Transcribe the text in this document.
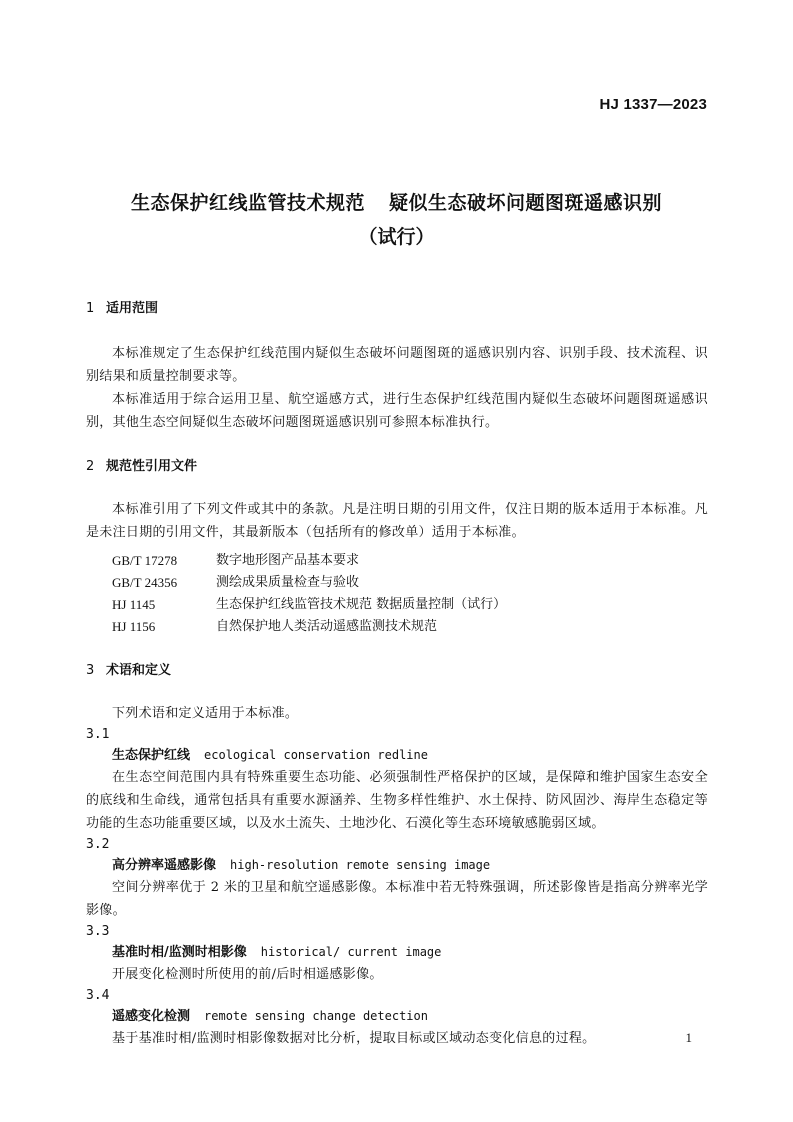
HJ 1337—2023
生态保护红线监管技术规范 疑似生态破坏问题图斑遥感识别
（试行）
1 适用范围

本标准规定了生态保护红线范围内疑似生态破坏问题图斑的遥感识别内容、识别手段、技术流程、识别结果和质量控制要求等。

本标准适用于综合运用卫星、航空遥感方式，进行生态保护红线范围内疑似生态破坏问题图斑遥感识别，其他生态空间疑似生态破坏问题图斑遥感识别可参照本标准执行。

2 规范性引用文件

本标准引用了下列文件或其中的条款。凡是注明日期的引用文件，仅注日期的版本适用于本标准。凡是未注日期的引用文件，其最新版本（包括所有的修改单）适用于本标准。

GB/T 17278	数字地形图产品基本要求
GB/T 24356	测绘成果质量检查与验收
HJ 1145	生态保护红线监管技术规范 数据质量控制（试行）
HJ 1156	自然保护地人类活动遥感监测技术规范
3 术语和定义

下列术语和定义适用于本标准。

3.1

生态保护红线 ecological conservation redline

在生态空间范围内具有特殊重要生态功能、必须强制性严格保护的区域，是保障和维护国家生态安全的底线和生命线，通常包括具有重要水源涵养、生物多样性维护、水土保持、防风固沙、海岸生态稳定等功能的生态功能重要区域，以及水土流失、土地沙化、石漠化等生态环境敏感脆弱区域。

3.2

高分辨率遥感影像 high-resolution remote sensing image

空间分辨率优于 2 米的卫星和航空遥感影像。本标准中若无特殊强调，所述影像皆是指高分辨率光学影像。

3.3

基准时相/监测时相影像 historical/ current image

开展变化检测时所使用的前/后时相遥感影像。

3.4

遥感变化检测 remote sensing change detection

基于基准时相/监测时相影像数据对比分析，提取目标或区域动态变化信息的过程。	1
